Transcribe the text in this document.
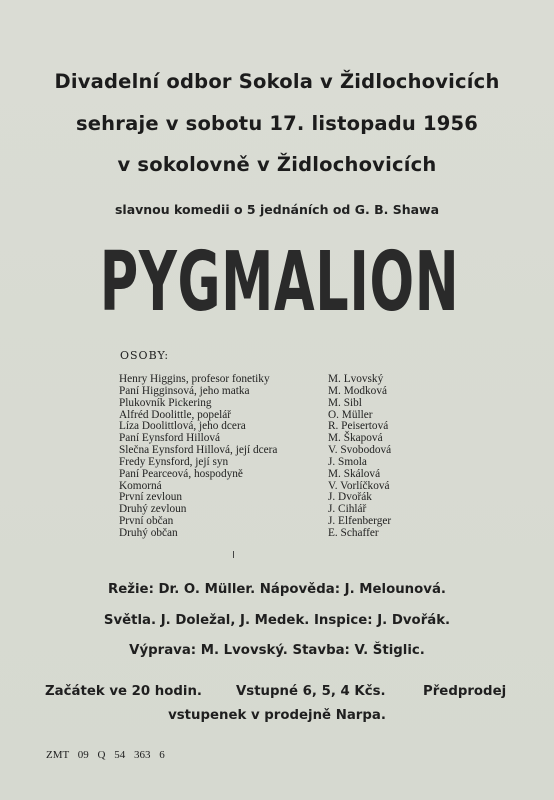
Divadelní odbor Sokola v Židlochovicích
sehraje v sobotu 17. listopadu 1956
v sokolovně v Židlochovicích
slavnou komedii o 5 jednáních od G. B. Shawa
PYGMALION
OSOBY:
Henry Higgins, profesor fonetiky	M. Lvovský
Paní Higginsová, jeho matka	M. Modková
Plukovník Pickering	M. Sibl
Alfréd Doolittle, popelář	O. Müller
Líza Doolittlová, jeho dcera	R. Peisertová
Paní Eynsford Hillová	M. Škapová
Slečna Eynsford Hillová, její dcera	V. Svobodová
Fredy Eynsford, její syn	J. Smola
Paní Pearceová, hospodyně	M. Skálová
Komorná	V. Vorlíčková
První zevloun	J. Dvořák
Druhý zevloun	J. Cihlář
První občan	J. Elfenberger
Druhý občan	E. Schaffer
Režie: Dr. O. Müller. Nápověda: J. Melounová.
Světla. J. Doležal, J. Medek. Inspice: J. Dvořák.
Výprava: M. Lvovský. Stavba: V. Štiglic.
Začátek ve 20 hodin.	Vstupné 6, 5, 4 Kčs.	Předprodej
vstupenek v prodejně Narpa.
ZMT 09 Q 54 363 6
